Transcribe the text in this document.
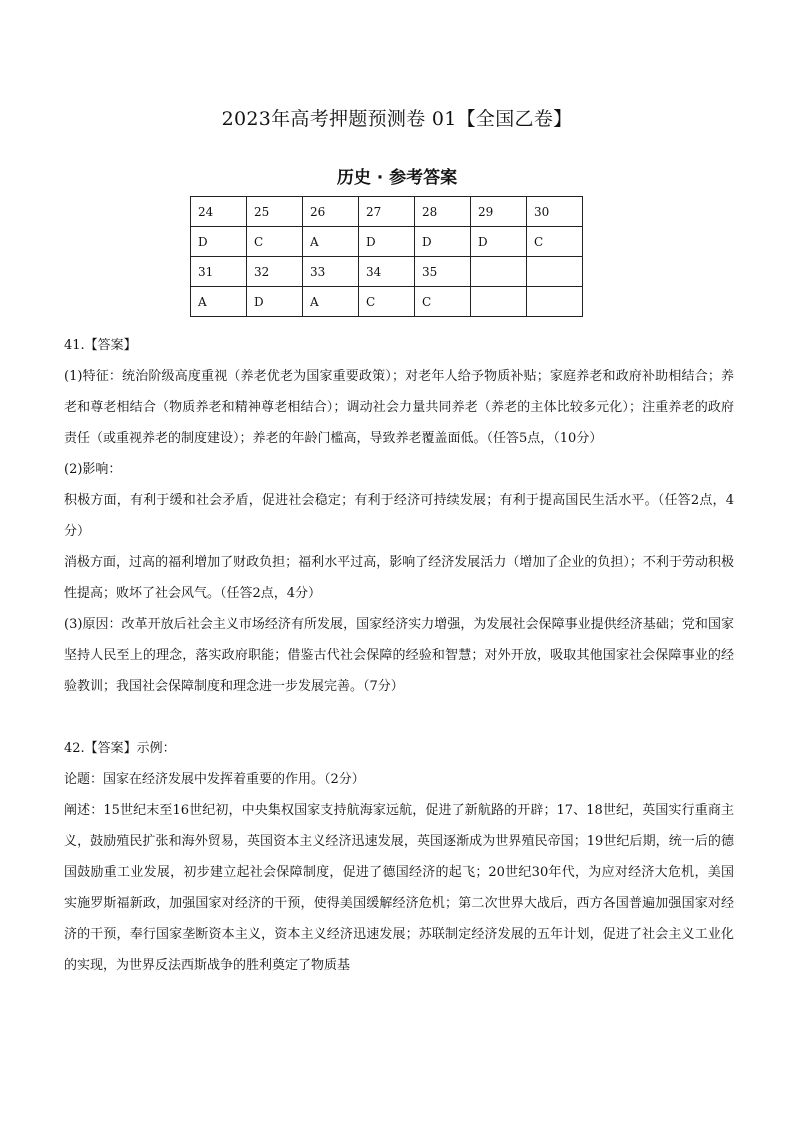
2023年高考押题预测卷 01【全国乙卷】
历史 · 参考答案
24	25	26	27	28	29	30
D	C	A	D	D	D	C
31	32	33	34	35		
A	D	A	C	C		

41.【答案】

(1)特征：统治阶级高度重视（养老优老为国家重要政策）；对老年人给予物质补贴；家庭养老和政府补助相结合；养老和尊老相结合（物质养老和精神尊老相结合）；调动社会力量共同养老（养老的主体比较多元化）；注重养老的政府责任（或重视养老的制度建设）；养老的年龄门槛高，导致养老覆盖面低。（任答5点，（10分）

(2)影响：

积极方面，有利于缓和社会矛盾，促进社会稳定；有利于经济可持续发展；有利于提高国民生活水平。（任答2点，4分）

消极方面，过高的福利增加了财政负担；福利水平过高，影响了经济发展活力（增加了企业的负担）；不利于劳动积极性提高；败坏了社会风气。（任答2点，4分）

(3)原因：改革开放后社会主义市场经济有所发展，国家经济实力增强，为发展社会保障事业提供经济基础；党和国家坚持人民至上的理念，落实政府职能；借鉴古代社会保障的经验和智慧；对外开放，吸取其他国家社会保障事业的经验教训；我国社会保障制度和理念进一步发展完善。（7分）

42.【答案】示例：

论题：国家在经济发展中发挥着重要的作用。（2分）

阐述：15世纪末至16世纪初，中央集权国家支持航海家远航，促进了新航路的开辟；17、18世纪，英国实行重商主义，鼓励殖民扩张和海外贸易，英国资本主义经济迅速发展，英国逐渐成为世界殖民帝国；19世纪后期，统一后的德国鼓励重工业发展，初步建立起社会保障制度，促进了德国经济的起飞；20世纪30年代，为应对经济大危机，美国实施罗斯福新政，加强国家对经济的干预，使得美国缓解经济危机；第二次世界大战后，西方各国普遍加强国家对经济的干预，奉行国家垄断资本主义，资本主义经济迅速发展；苏联制定经济发展的五年计划，促进了社会主义工业化的实现，为世界反法西斯战争的胜利奠定了物质基
